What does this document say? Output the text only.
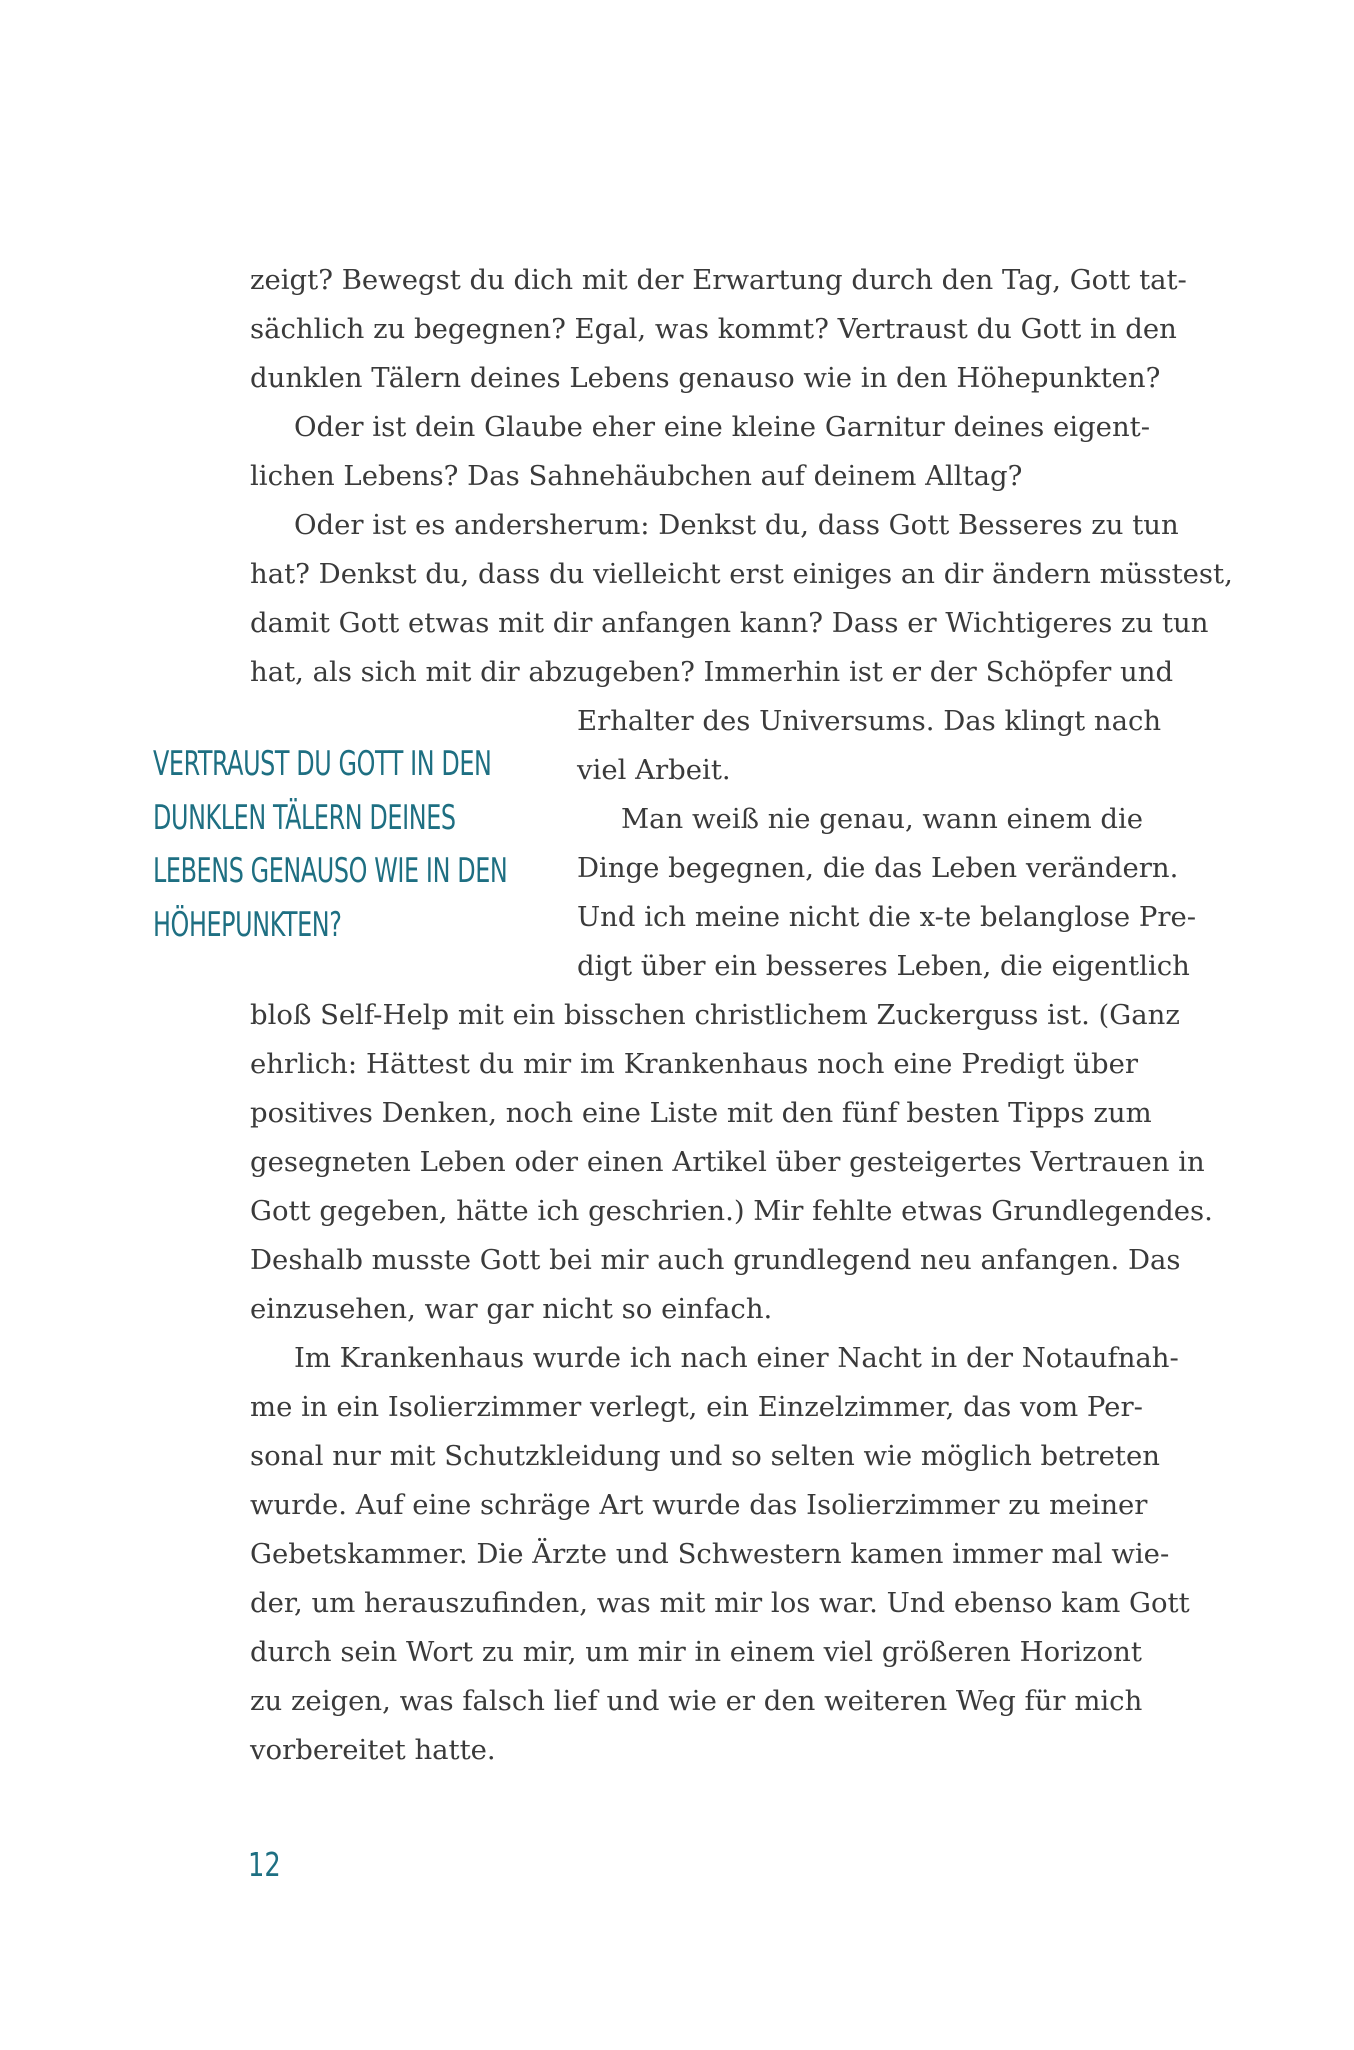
zeigt? Bewegst du dich mit der Erwartung durch den Tag, Gott tat-
sächlich zu begegnen? Egal, was kommt? Vertraust du Gott in den
dunklen Tälern deines Lebens genauso wie in den Höhepunkten?
Oder ist dein Glaube eher eine kleine Garnitur deines eigent-
lichen Lebens? Das Sahnehäubchen auf deinem Alltag?
Oder ist es andersherum: Denkst du, dass Gott Besseres zu tun
hat? Denkst du, dass du vielleicht erst einiges an dir ändern müsstest,
damit Gott etwas mit dir anfangen kann? Dass er Wichtigeres zu tun
hat, als sich mit dir abzugeben? Immerhin ist er der Schöpfer und
Erhalter des Universums. Das klingt nach
viel Arbeit.
Man weiß nie genau, wann einem die
Dinge begegnen, die das Leben verändern.
Und ich meine nicht die x-te belanglose Pre-
digt über ein besseres Leben, die eigentlich
bloß Self-Help mit ein bisschen christlichem Zuckerguss ist. (Ganz
ehrlich: Hättest du mir im Krankenhaus noch eine Predigt über
positives Denken, noch eine Liste mit den fünf besten Tipps zum
gesegneten Leben oder einen Artikel über gesteigertes Vertrauen in
Gott gegeben, hätte ich geschrien.) Mir fehlte etwas Grundlegendes.
Deshalb musste Gott bei mir auch grundlegend neu anfangen. Das
einzusehen, war gar nicht so einfach.
Im Krankenhaus wurde ich nach einer Nacht in der Notaufnah-
me in ein Isolierzimmer verlegt, ein Einzelzimmer, das vom Per-
sonal nur mit Schutzkleidung und so selten wie möglich betreten
wurde. Auf eine schräge Art wurde das Isolierzimmer zu meiner
Gebetskammer. Die Ärzte und Schwestern kamen immer mal wie-
der, um herauszufinden, was mit mir los war. Und ebenso kam Gott
durch sein Wort zu mir, um mir in einem viel größeren Horizont
zu zeigen, was falsch lief und wie er den weiteren Weg für mich
vorbereitet hatte.
VERTRAUST DU GOTT IN DEN
DUNKLEN TÄLERN DEINES
LEBENS GENAUSO WIE IN DEN
HÖHEPUNKTEN?
12
